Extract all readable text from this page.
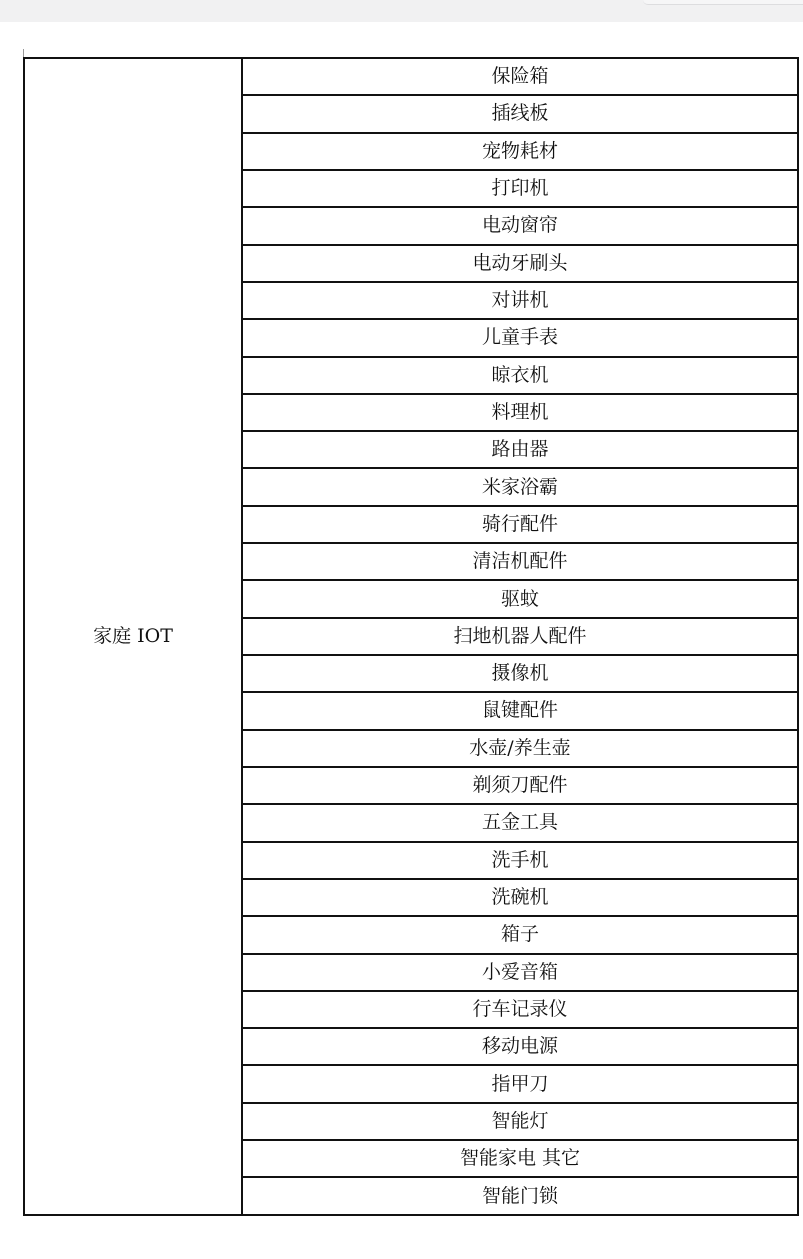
家庭 IOT	保险箱
插线板
宠物耗材
打印机
电动窗帘
电动牙刷头
对讲机
儿童手表
晾衣机
料理机
路由器
米家浴霸
骑行配件
清洁机配件
驱蚊
扫地机器人配件
摄像机
鼠键配件
水壶/养生壶
剃须刀配件
五金工具
洗手机
洗碗机
箱子
小爱音箱
行车记录仪
移动电源
指甲刀
智能灯
智能家电 其它
智能门锁
